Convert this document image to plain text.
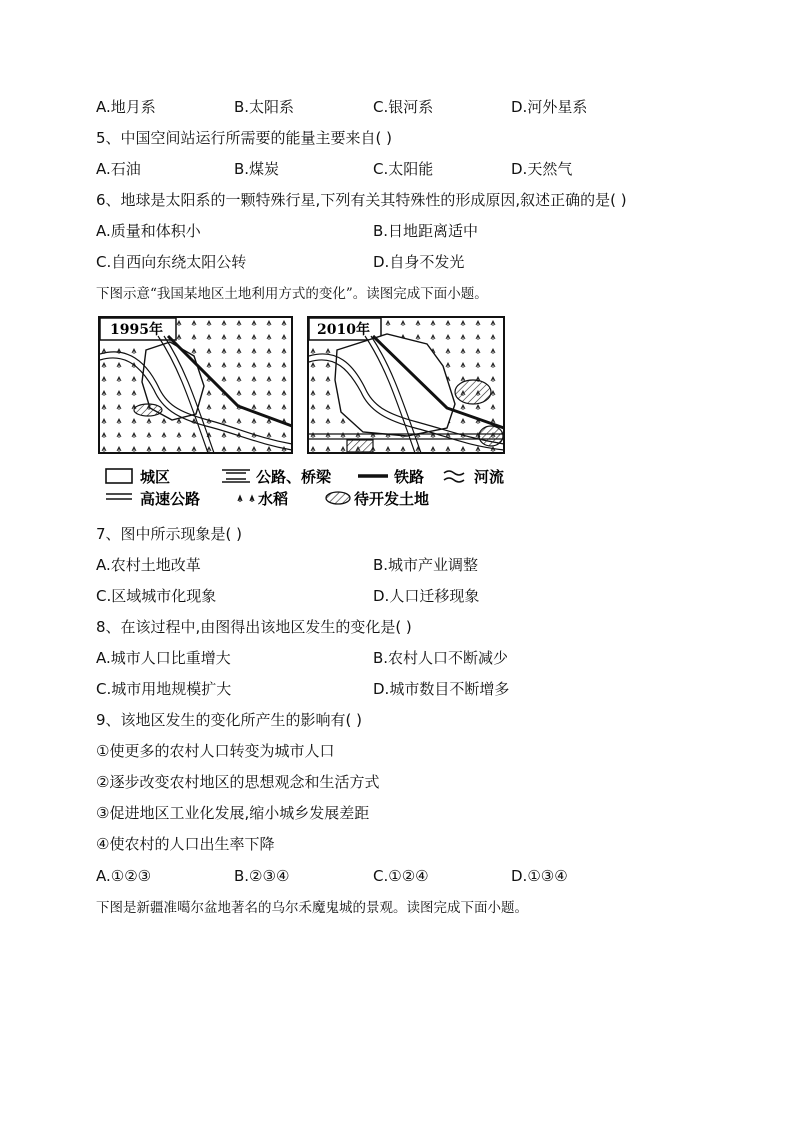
A.地月系	B.太阳系	C.银河系	D.河外星系
5、中国空间站运行所需要的能量主要来自( )
A.石油	B.煤炭	C.太阳能	D.天然气
6、地球是太阳系的一颗特殊行星,下列有关其特殊性的形成原因,叙述正确的是( )
A.质量和体积小	B.日地距离适中
C.自西向东绕太阳公转	D.自身不发光
下图示意“我国某地区土地利用方式的变化”。读图完成下面小题。
1995年	2010年
城区	公路、桥梁	铁路	河流
高速公路	水稻	待开发土地
7、图中所示现象是( )
A.农村土地改革	B.城市产业调整
C.区域城市化现象	D.人口迁移现象
8、在该过程中,由图得出该地区发生的变化是( )
A.城市人口比重增大	B.农村人口不断减少
C.城市用地规模扩大	D.城市数目不断增多
9、该地区发生的变化所产生的影响有( )
①使更多的农村人口转变为城市人口
②逐步改变农村地区的思想观念和生活方式
③促进地区工业化发展,缩小城乡发展差距
④使农村的人口出生率下降
A.①②③	B.②③④	C.①②④	D.①③④
下图是新疆准噶尔盆地著名的乌尔禾魔鬼城的景观。读图完成下面小题。
